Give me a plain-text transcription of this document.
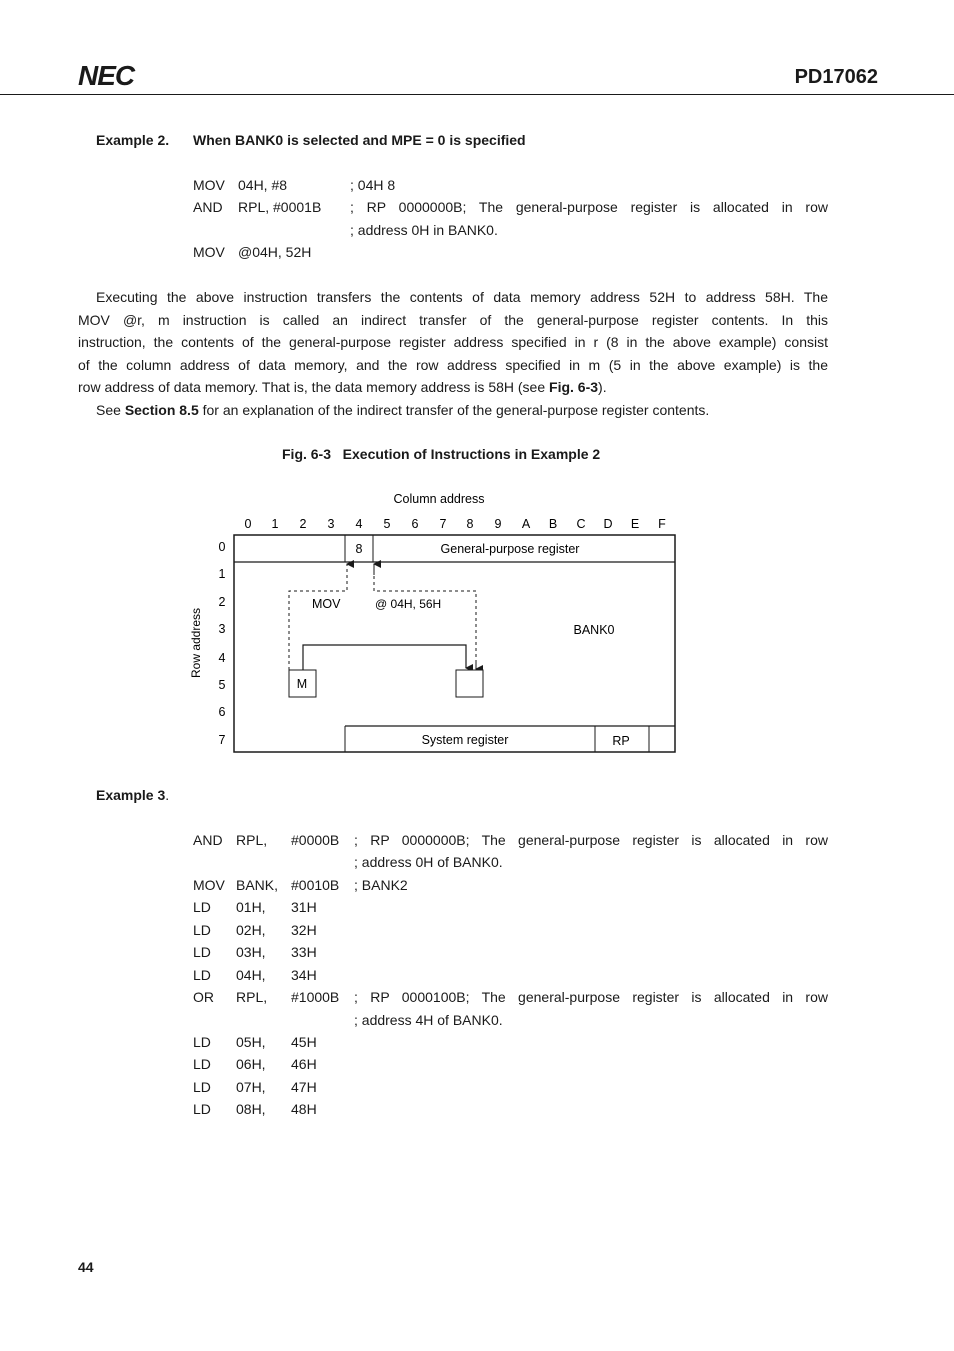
NEC	PD17062
Example 2. When BANK0 is selected and MPE = 0 is specified
MOV 04H, #8	; 04H 8
AND RPL, #0001B ; RP 0000000B; The general-purpose register is allocated in row
; address 0H in BANK0.
MOV @04H, 52H
Executing the above instruction transfers the contents of data memory address 52H to address 58H. The
MOV @r, m instruction is called an indirect transfer of the general-purpose register contents. In this
instruction, the contents of the general-purpose register address specified in r (8 in the above example) consist
of the column address of data memory, and the row address specified in m (5 in the above example) is the
row address of data memory. That is, the data memory address is 58H (see Fig. 6-3).
See Section 8.5 for an explanation of the indirect transfer of the general-purpose register contents.
Fig. 6-3   Execution of Instructions in Example 2
Column address
0 1 2 3 4 5 6 7 8 9 A B C D E F
0
1
2
3
4
5
6
7
Row address
8	General-purpose register
System register	RP
BANK0
MOV	@ 04H, 56H
M
Example 3.
AND RPL, #0000B ; RP 0000000B; The general-purpose register is allocated in row
; address 0H of BANK0.
MOV BANK, #0010B ; BANK2
LD 01H, 31H
LD 02H, 32H
LD 03H, 33H
LD 04H, 34H
OR RPL, #1000B ; RP 0000100B; The general-purpose register is allocated in row
; address 4H of BANK0.
LD 05H, 45H
LD 06H, 46H
LD 07H, 47H
LD 08H, 48H
44
